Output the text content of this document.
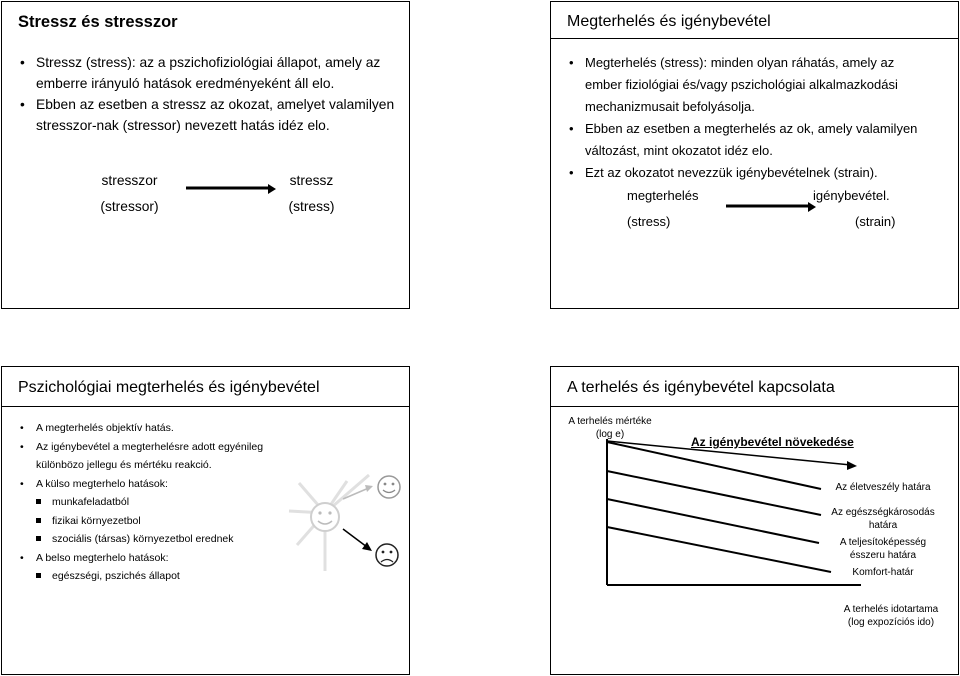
Stressz és stresszor
• Stressz (stress): az a pszichofiziológiai állapot, amely az
emberre irányuló hatások eredményeként áll elo.
• Ebben az esetben a stressz az okozat, amelyet valamilyen
stresszor-nak (stressor) nevezett hatás idéz elo.
stresszor
(stressor)
stressz
(stress)
Megterhelés és igénybevétel
• Megterhelés (stress): minden olyan ráhatás, amely az
ember fiziológiai és/vagy pszichológiai alkalmazkodási
mechanizmusait befolyásolja.
• Ebben az esetben a megterhelés az ok, amely valamilyen
változást, mint okozatot idéz elo.
• Ezt az okozatot nevezzük igénybevételnek (strain).
megterhelés
(stress)
igénybevétel.
(strain)
Pszichológiai megterhelés és igénybevétel
• A megterhelés objektív hatás.
• Az igénybevétel a megterhelésre adott egyénileg
különbözo jellegu és mértéku reakció.
• A külso megterhelo hatások:
munkafeladatból
fizikai környezetbol
szociális (társas) környezetbol erednek
• A belso megterhelo hatások:
egészségi, pszichés állapot
A terhelés és igénybevétel kapcsolata
A terhelés mértéke
(log e)
Az igénybevétel növekedése
Az életveszély határa
Az egészségkárosodás
határa
A teljesítoképesség
ésszeru határa
Komfort-határ
A terhelés idotartama
(log expozíciós ido)
